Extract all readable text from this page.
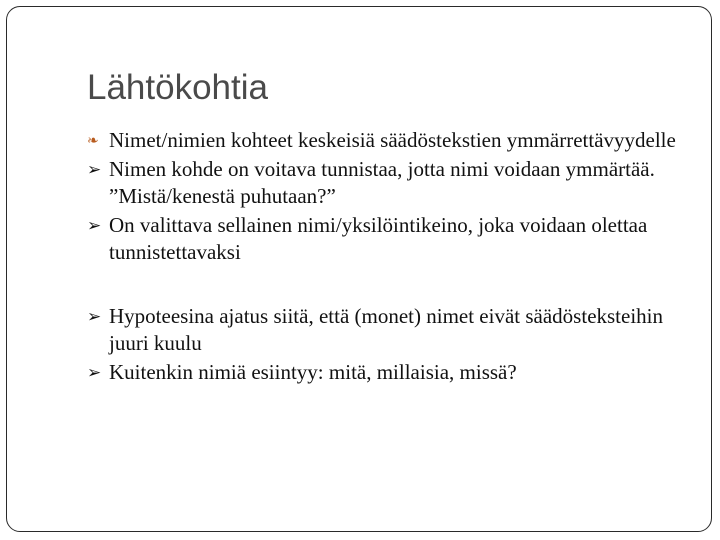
Lähtökohtia
❧ Nimet/nimien kohteet keskeisiä säädöstekstien ymmärrettävyydelle
➢ Nimen kohde on voitava tunnistaa, jotta nimi voidaan ymmärtää. ”Mistä/kenestä puhutaan?”
➢ On valittava sellainen nimi/yksilöintikeino, joka voidaan olettaa tunnistettavaksi
➢ Hypoteesina ajatus siitä, että (monet) nimet eivät säädösteksteihin juuri kuulu
➢ Kuitenkin nimiä esiintyy: mitä, millaisia, missä?
